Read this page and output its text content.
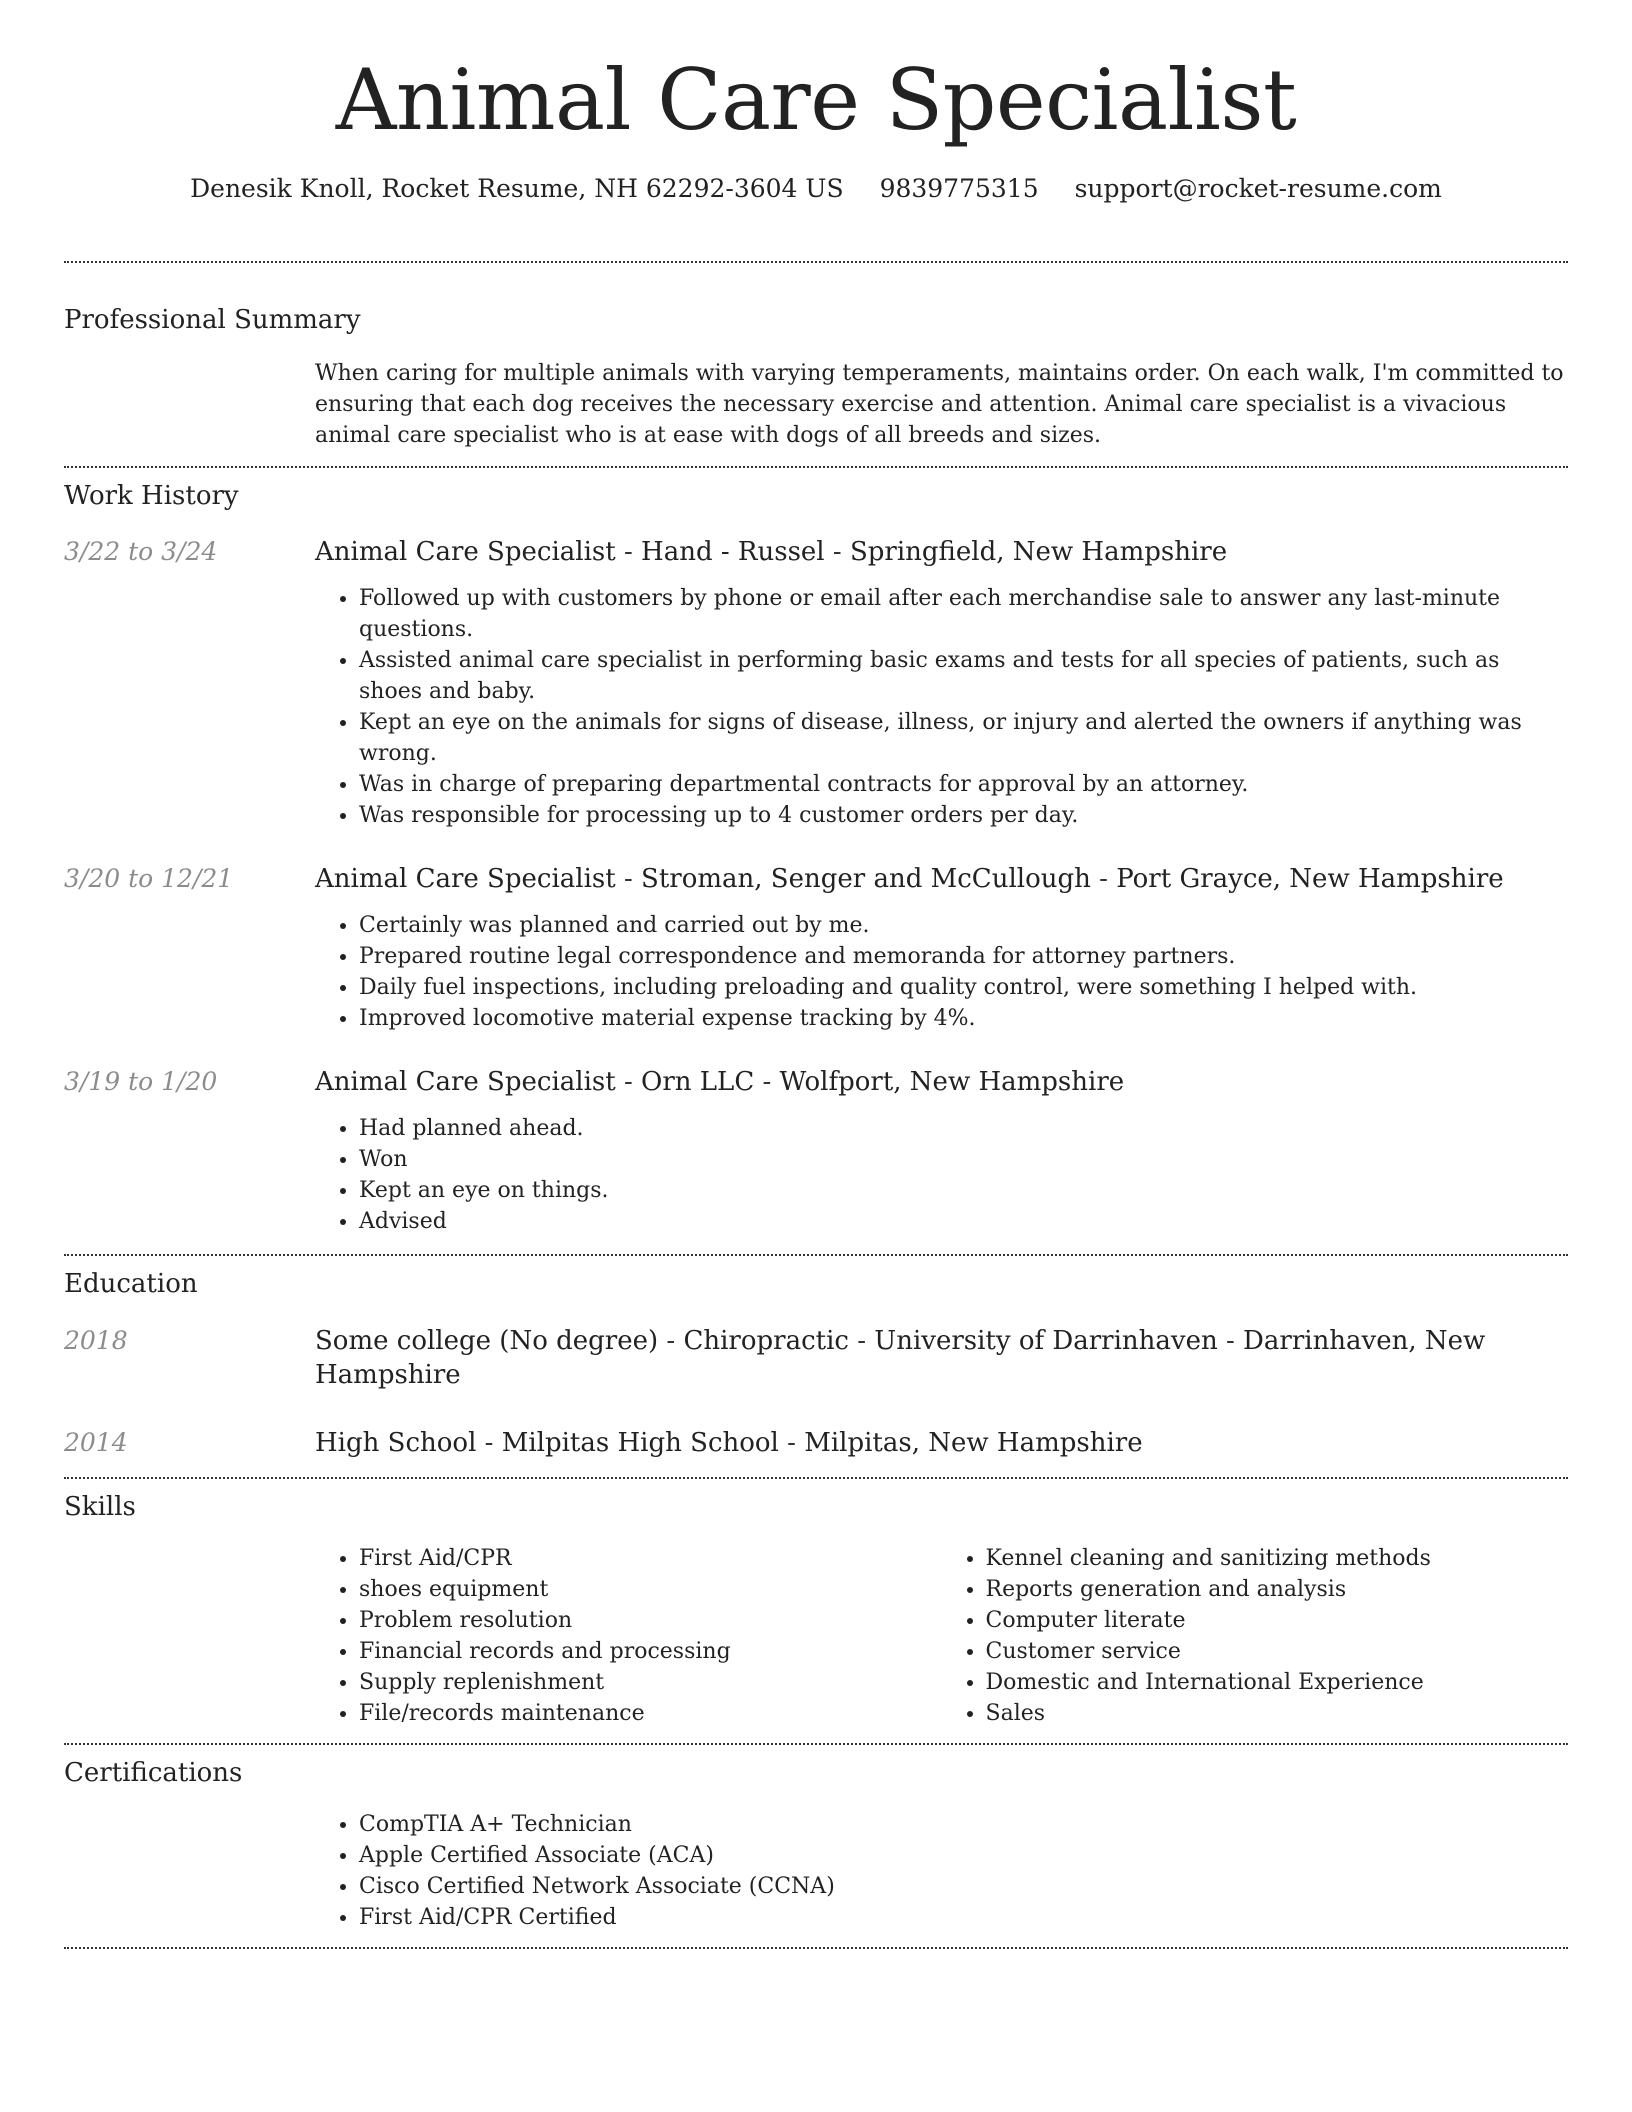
Animal Care Specialist
Denesik Knoll, Rocket Resume, NH 62292-3604 US 9839775315 support@rocket-resume.com
Professional Summary
When caring for multiple animals with varying temperaments, maintains order. On each walk, I'm committed to ensuring that each dog receives the necessary exercise and attention. Animal care specialist is a vivacious animal care specialist who is at ease with dogs of all breeds and sizes.
Work History
3/22 to 3/24	Animal Care Specialist - Hand - Russel - Springfield, New Hampshire
• Followed up with customers by phone or email after each merchandise sale to answer any last-minute questions.
• Assisted animal care specialist in performing basic exams and tests for all species of patients, such as shoes and baby.
• Kept an eye on the animals for signs of disease, illness, or injury and alerted the owners if anything was wrong.
• Was in charge of preparing departmental contracts for approval by an attorney.
• Was responsible for processing up to 4 customer orders per day.
3/20 to 12/21	Animal Care Specialist - Stroman, Senger and McCullough - Port Grayce, New Hampshire
• Certainly was planned and carried out by me.
• Prepared routine legal correspondence and memoranda for attorney partners.
• Daily fuel inspections, including preloading and quality control, were something I helped with.
• Improved locomotive material expense tracking by 4%.
3/19 to 1/20	Animal Care Specialist - Orn LLC - Wolfport, New Hampshire
• Had planned ahead.
• Won
• Kept an eye on things.
• Advised
Education
2018	Some college (No degree) - Chiropractic - University of Darrinhaven - Darrinhaven, New Hampshire
2014	High School - Milpitas High School - Milpitas, New Hampshire
Skills
• First Aid/CPR
• shoes equipment
• Problem resolution
• Financial records and processing
• Supply replenishment
• File/records maintenance
• Kennel cleaning and sanitizing methods
• Reports generation and analysis
• Computer literate
• Customer service
• Domestic and International Experience
• Sales
Certifications
• CompTIA A+ Technician
• Apple Certified Associate (ACA)
• Cisco Certified Network Associate (CCNA)
• First Aid/CPR Certified
